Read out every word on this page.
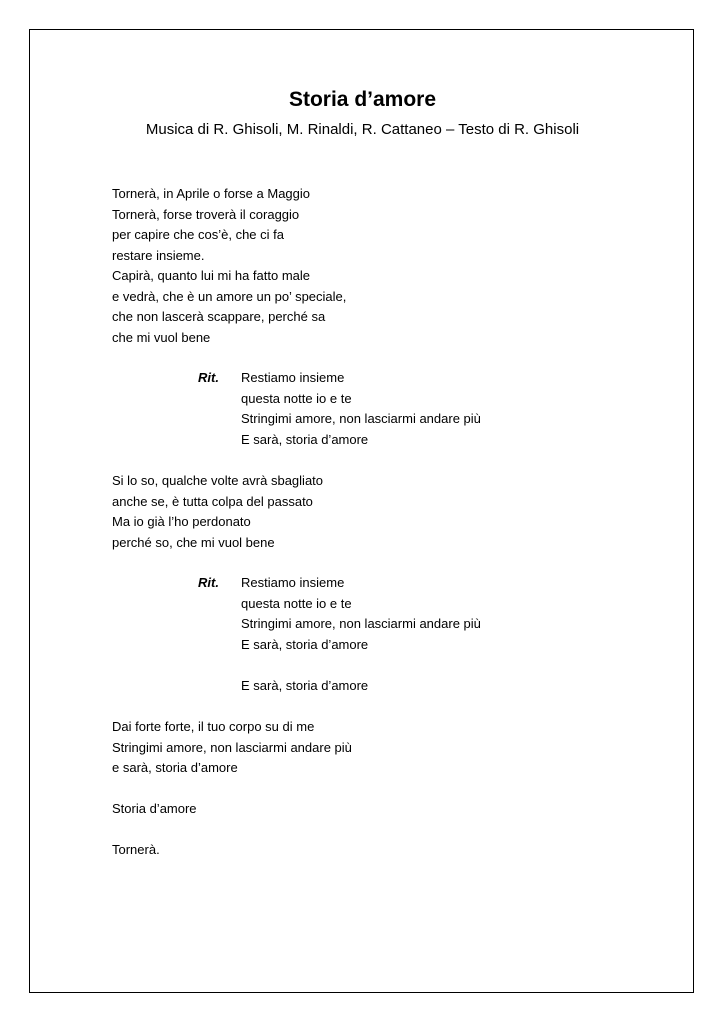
Storia d’amore
Musica di R. Ghisoli, M. Rinaldi, R. Cattaneo – Testo di R. Ghisoli
Tornerà, in Aprile o forse a Maggio
Tornerà, forse troverà il coraggio
per capire che cos’è, che ci fa
restare insieme.
Capirà, quanto lui mi ha fatto male
e vedrà, che è un amore un po’ speciale,
che non lascerà scappare, perché sa
che mi vuol bene
Rit. Restiamo insieme
questa notte io e te
Stringimi amore, non lasciarmi andare più
E sarà, storia d’amore
Si lo so, qualche volte avrà sbagliato
anche se, è tutta colpa del passato
Ma io già l’ho perdonato
perché so, che mi vuol bene
Rit. Restiamo insieme
questa notte io e te
Stringimi amore, non lasciarmi andare più
E sarà, storia d’amore
E sarà, storia d’amore
Dai forte forte, il tuo corpo su di me
Stringimi amore, non lasciarmi andare più
e sarà, storia d’amore
Storia d’amore
Tornerà.
